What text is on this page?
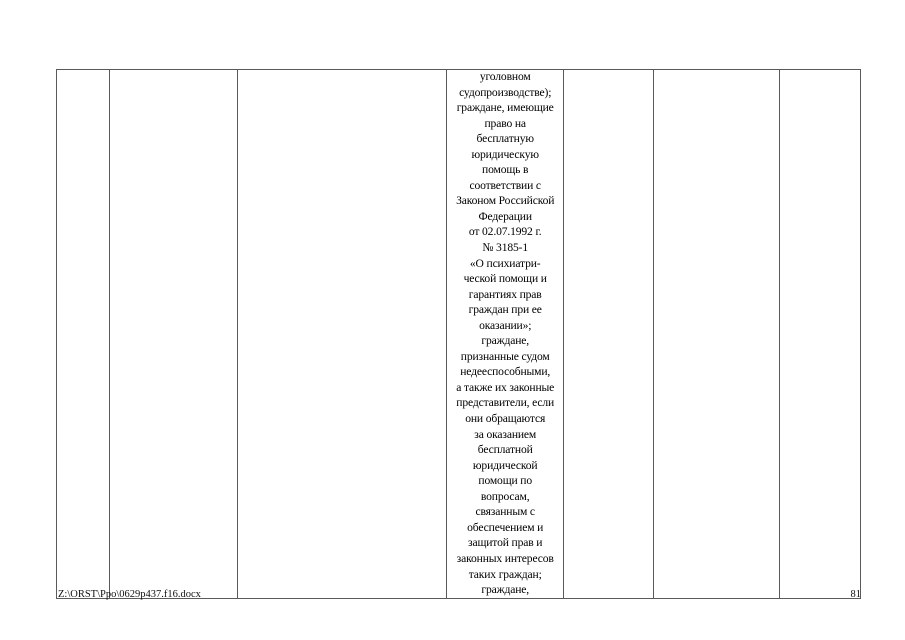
уголовном
судопроизводстве);
граждане, имеющие
право на
бесплатную
юридическую
помощь в
соответствии с
Законом Российской
Федерации
от 02.07.1992 г.
№ 3185-1
«О психиатри-
ческой помощи и
гарантиях прав
граждан при ее
оказании»;
граждане,
признанные судом
недееспособными,
а также их законные
представители, если
они обращаются
за оказанием
бесплатной
юридической
помощи по
вопросам,
связанным с
обеспечением и
защитой прав и
законных интересов
таких граждан;
граждане,

Z:\ORST\Ppo\0629p437.f16.docx	81
